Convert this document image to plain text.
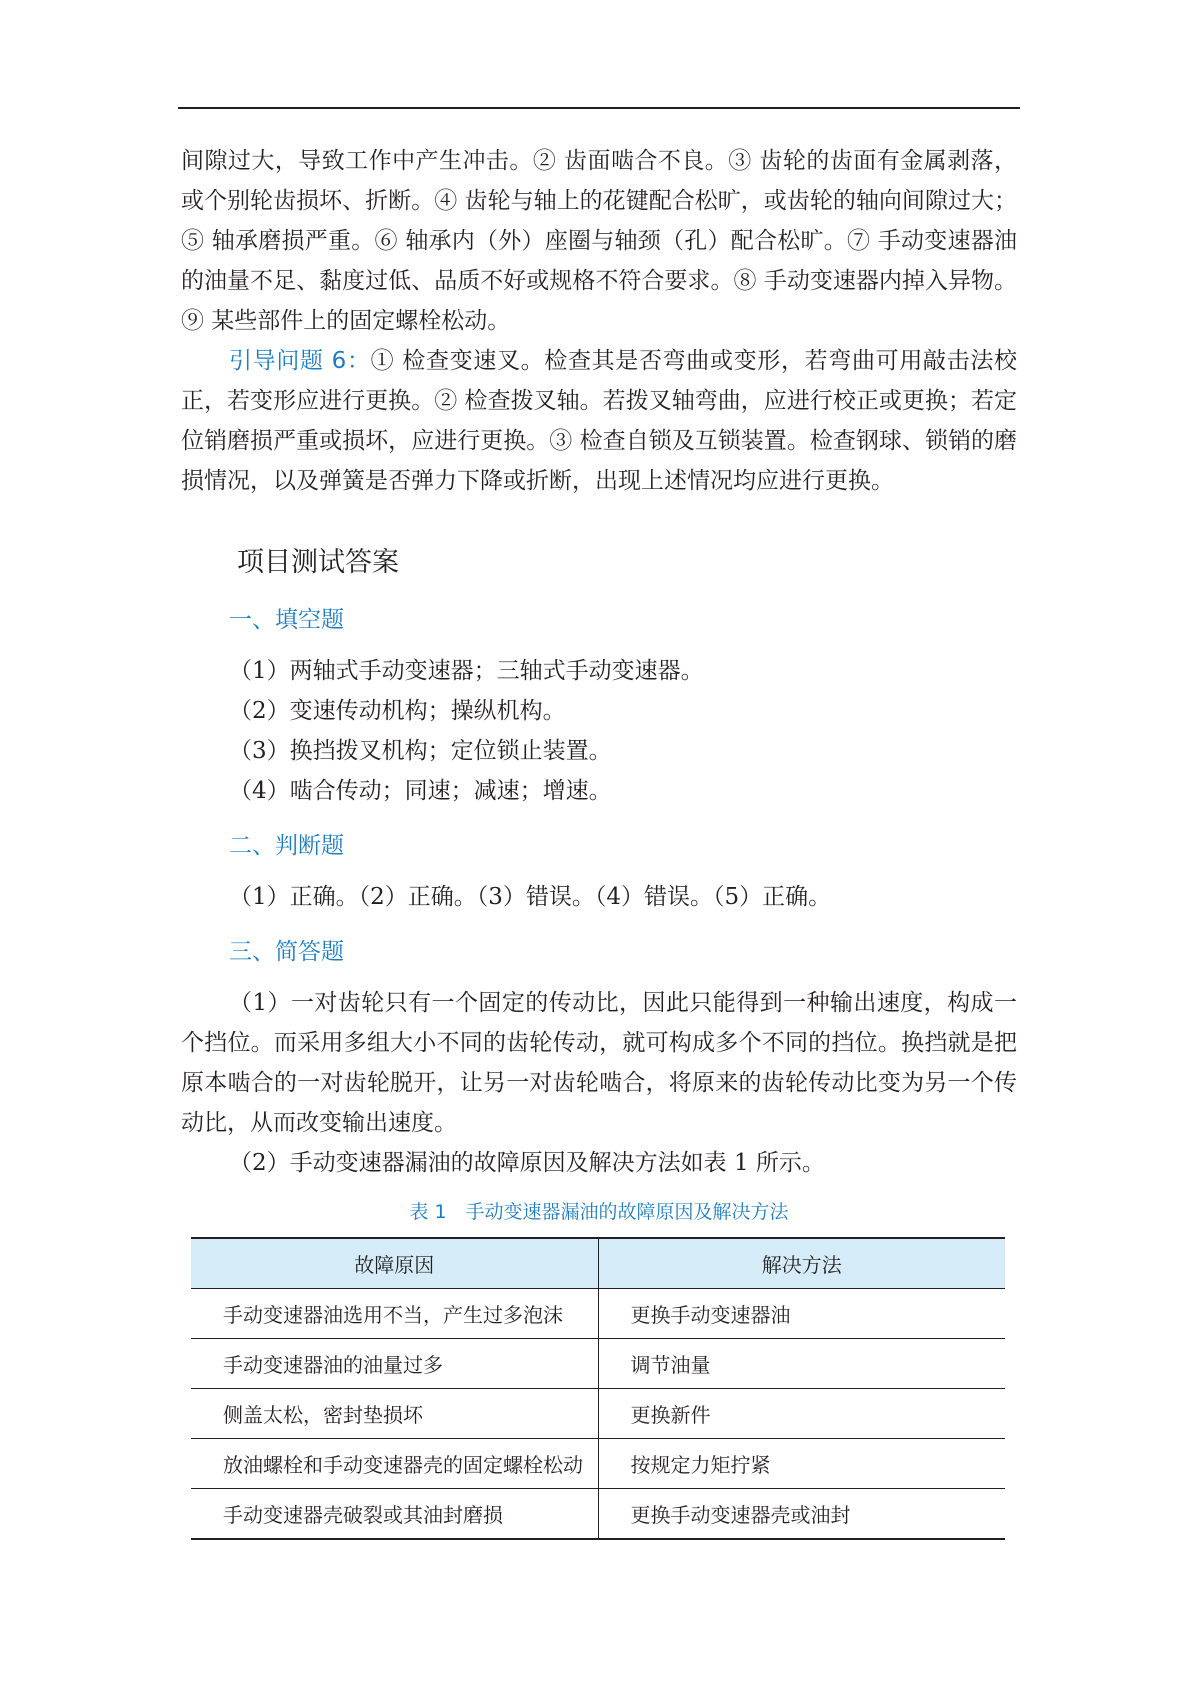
间隙过大，导致工作中产生冲击。② 齿面啮合不良。③ 齿轮的齿面有金属剥落，或个别轮齿损坏、折断。④ 齿轮与轴上的花键配合松旷，或齿轮的轴向间隙过大；⑤ 轴承磨损严重。⑥ 轴承内（外）座圈与轴颈（孔）配合松旷。⑦ 手动变速器油的油量不足、黏度过低、品质不好或规格不符合要求。⑧ 手动变速器内掉入异物。⑨ 某些部件上的固定螺栓松动。

引导问题 6：① 检查变速叉。检查其是否弯曲或变形，若弯曲可用敲击法校正，若变形应进行更换。② 检查拨叉轴。若拨叉轴弯曲，应进行校正或更换；若定位销磨损严重或损坏，应进行更换。③ 检查自锁及互锁装置。检查钢球、锁销的磨损情况，以及弹簧是否弹力下降或折断，出现上述情况均应进行更换。

项目测试答案
一、填空题

（1）两轴式手动变速器；三轴式手动变速器。

（2）变速传动机构；操纵机构。

（3）换挡拨叉机构；定位锁止装置。

（4）啮合传动；同速；减速；增速。

二、判断题

（1）正确。（2）正确。（3）错误。（4）错误。（5）正确。

三、简答题

（1）一对齿轮只有一个固定的传动比，因此只能得到一种输出速度，构成一个挡位。而采用多组大小不同的齿轮传动，就可构成多个不同的挡位。换挡就是把原本啮合的一对齿轮脱开，让另一对齿轮啮合，将原来的齿轮传动比变为另一个传动比，从而改变输出速度。

（2）手动变速器漏油的故障原因及解决方法如表 1 所示。

表 1　手动变速器漏油的故障原因及解决方法
故障原因	解决方法
手动变速器油选用不当，产生过多泡沫	更换手动变速器油
手动变速器油的油量过多	调节油量
侧盖太松，密封垫损坏	更换新件
放油螺栓和手动变速器壳的固定螺栓松动	按规定力矩拧紧
手动变速器壳破裂或其油封磨损	更换手动变速器壳或油封
